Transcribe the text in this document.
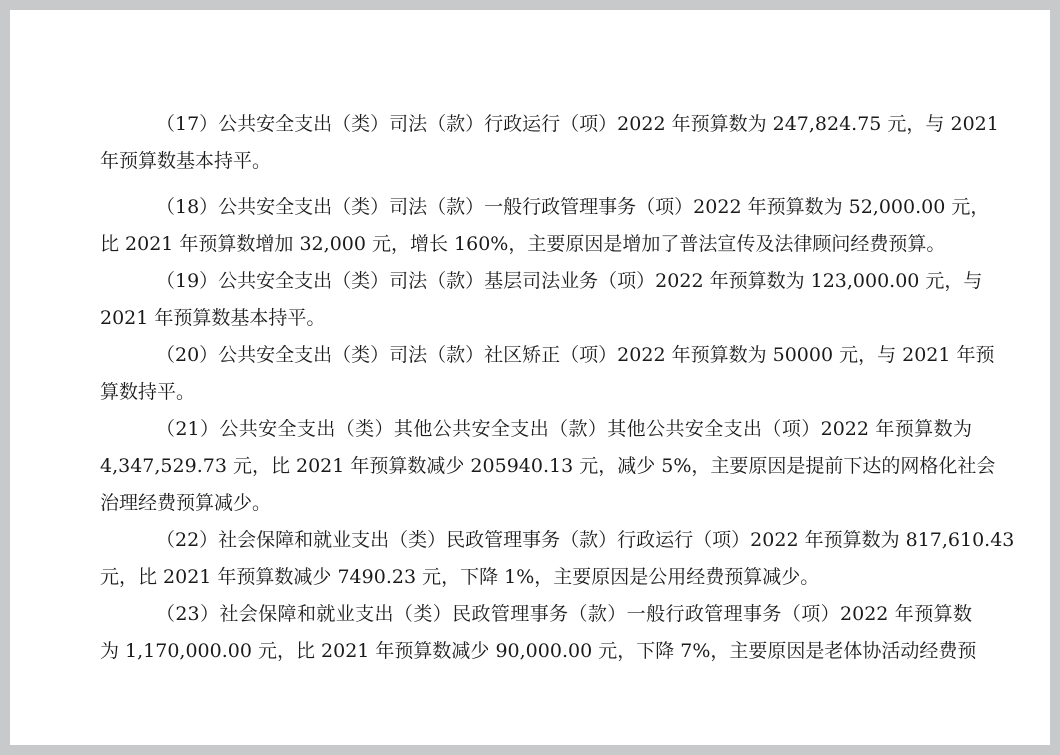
（17）公共安全支出（类）司法（款）行政运行（项）2022 年预算数为 247,824.75 元，与 2021
年预算数基本持平。
（18）公共安全支出（类）司法（款）一般行政管理事务（项）2022 年预算数为 52,000.00 元，
比 2021 年预算数增加 32,000 元，增长 160%，主要原因是增加了普法宣传及法律顾问经费预算。
（19）公共安全支出（类）司法（款）基层司法业务（项）2022 年预算数为 123,000.00 元，与
2021 年预算数基本持平。
（20）公共安全支出（类）司法（款）社区矫正（项）2022 年预算数为 50000 元，与 2021 年预
算数持平。
（21）公共安全支出（类）其他公共安全支出（款）其他公共安全支出（项）2022 年预算数为
4,347,529.73 元，比 2021 年预算数减少 205940.13 元，减少 5%，主要原因是提前下达的网格化社会
治理经费预算减少。
（22）社会保障和就业支出（类）民政管理事务（款）行政运行（项）2022 年预算数为 817,610.43
元，比 2021 年预算数减少 7490.23 元，下降 1%，主要原因是公用经费预算减少。
（23）社会保障和就业支出（类）民政管理事务（款）一般行政管理事务（项）2022 年预算数
为 1,170,000.00 元，比 2021 年预算数减少 90,000.00 元，下降 7%，主要原因是老体协活动经费预
